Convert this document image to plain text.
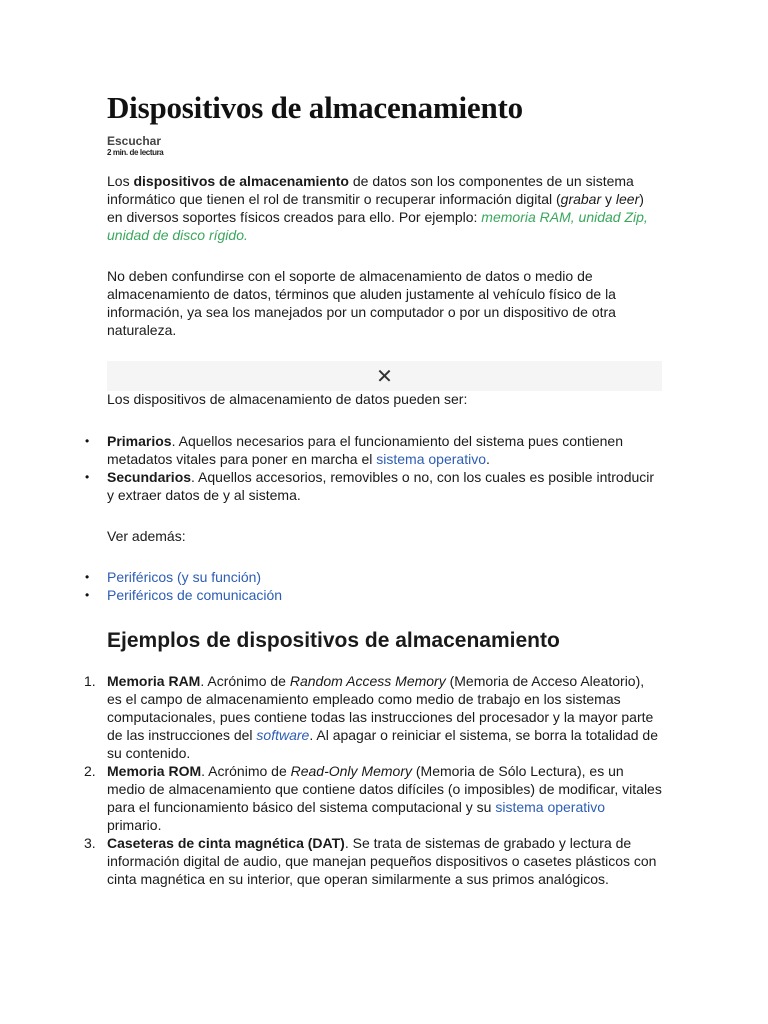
Dispositivos de almacenamiento
Escuchar
2 min. de lectura

Los dispositivos de almacenamiento de datos son los componentes de un sistema informático que tienen el rol de transmitir o recuperar información digital (grabar y leer) en diversos soportes físicos creados para ello. Por ejemplo: memoria RAM, unidad Zip, unidad de disco rígido.

No deben confundirse con el soporte de almacenamiento de datos o medio de almacenamiento de datos, términos que aluden justamente al vehículo físico de la información, ya sea los manejados por un computador o por un dispositivo de otra naturaleza.

✕

Los dispositivos de almacenamiento de datos pueden ser:

• Primarios. Aquellos necesarios para el funcionamiento del sistema pues contienen metadatos vitales para poner en marcha el sistema operativo.
• Secundarios. Aquellos accesorios, removibles o no, con los cuales es posible introducir y extraer datos de y al sistema.

Ver además:

• Periféricos (y su función)
• Periféricos de comunicación
Ejemplos de dispositivos de almacenamiento
1. Memoria RAM. Acrónimo de Random Access Memory (Memoria de Acceso Aleatorio), es el campo de almacenamiento empleado como medio de trabajo en los sistemas computacionales, pues contiene todas las instrucciones del procesador y la mayor parte de las instrucciones del software. Al apagar o reiniciar el sistema, se borra la totalidad de su contenido.
2. Memoria ROM. Acrónimo de Read-Only Memory (Memoria de Sólo Lectura), es un medio de almacenamiento que contiene datos difíciles (o imposibles) de modificar, vitales para el funcionamiento básico del sistema computacional y su sistema operativo primario.
3. Caseteras de cinta magnética (DAT). Se trata de sistemas de grabado y lectura de información digital de audio, que manejan pequeños dispositivos o casetes plásticos con cinta magnética en su interior, que operan similarmente a sus primos analógicos.
